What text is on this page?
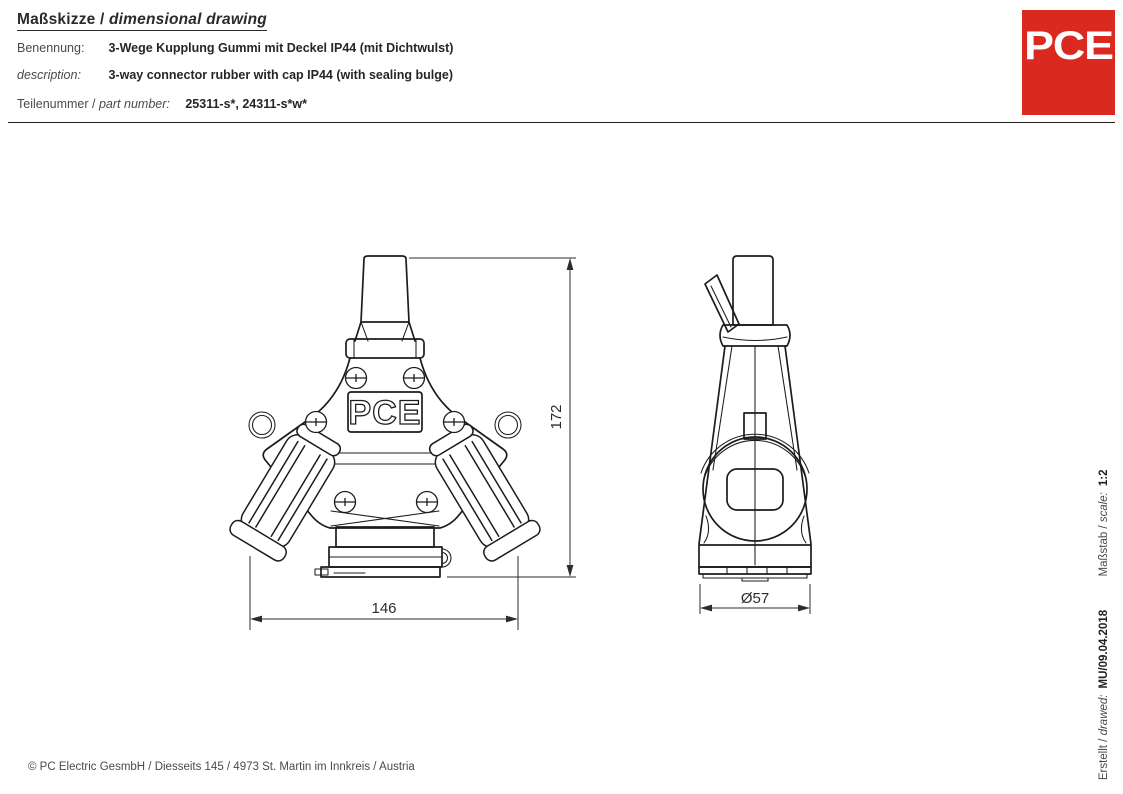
Maßskizze / dimensional drawing
Benennung: 3-Wege Kupplung Gummi mit Deckel IP44 (mit Dichtwulst)
description: 3-way connector rubber with cap IP44 (with sealing bulge)
Teilenummer / part number: 25311-s*, 24311-s*w*
PCE
PCE	172
146
Ø57
Maßstab / scale:1:2
Erstellt / drawed:MU/09.04.2018
© PC Electric GesmbH / Diesseits 145 / 4973 St. Martin im Innkreis / Austria
